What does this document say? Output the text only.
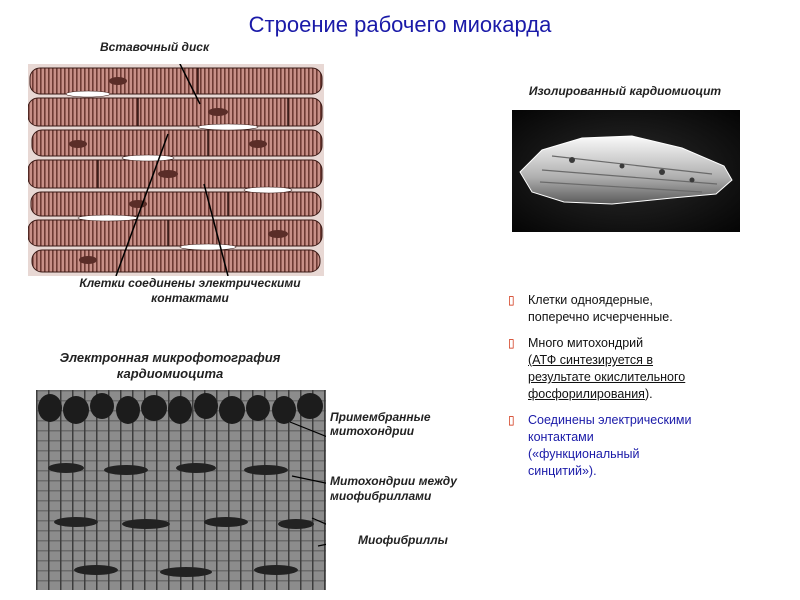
Строение рабочего миокарда
Вставочный диск
Клетки соединены электрическими
контактами
Изолированный кардиомиоцит
▯ Клетки одноядерные,
поперечно исчерченные.
▯ Много митохондрий
(АТФ синтезируется в
результате окислительного
фосфорилирования).
▯ Соединены электрическими
контактами
(«функциональный
синцитий»).
Электронная микрофотография
кардиомиоцита
Примембранные
митохондрии
Митохондрии между
миофибриллами
Миофибриллы
